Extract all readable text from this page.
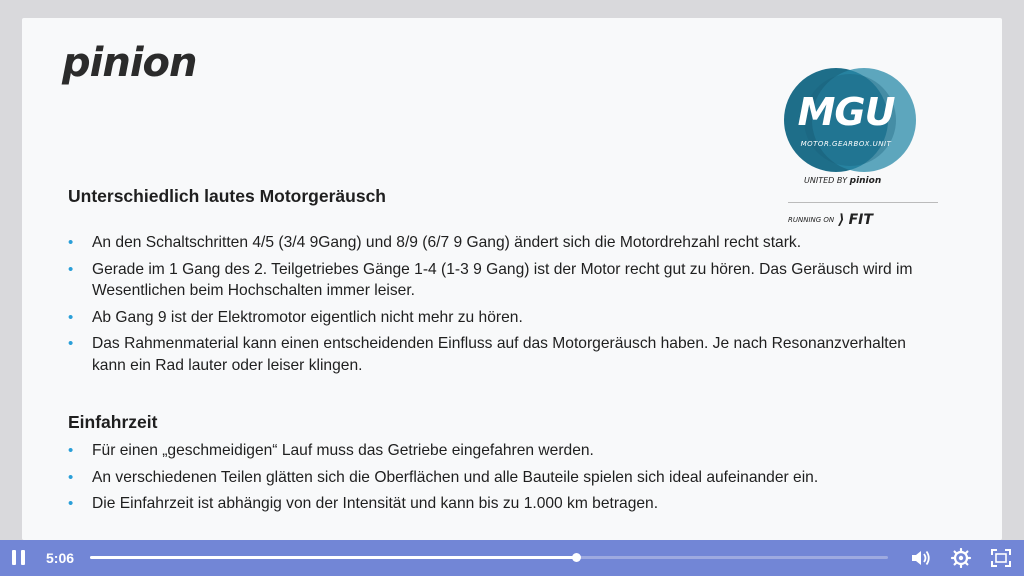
pinion
MGU
MOTOR.GEARBOX.UNIT
UNITED BY pinion
RUNNING ON ⟩ FIT
Unterschiedlich lautes Motorgeräusch
• An den Schaltschritten 4/5 (3/4 9Gang) und 8/9 (6/7 9 Gang) ändert sich die Motordrehzahl recht stark.
• Gerade im 1 Gang des 2. Teilgetriebes Gänge 1-4 (1-3 9 Gang) ist der Motor recht gut zu hören. Das Geräusch wird im Wesentlichen beim Hochschalten immer leiser.
• Ab Gang 9 ist der Elektromotor eigentlich nicht mehr zu hören.
• Das Rahmenmaterial kann einen entscheidenden Einfluss auf das Motorgeräusch haben. Je nach Resonanzverhalten kann ein Rad lauter oder leiser klingen.
Einfahrzeit
• Für einen „geschmeidigen“ Lauf muss das Getriebe eingefahren werden.
• An verschiedenen Teilen glätten sich die Oberflächen und alle Bauteile spielen sich ideal aufeinander ein.
• Die Einfahrzeit ist abhängig von der Intensität und kann bis zu 1.000 km betragen.
5:06
